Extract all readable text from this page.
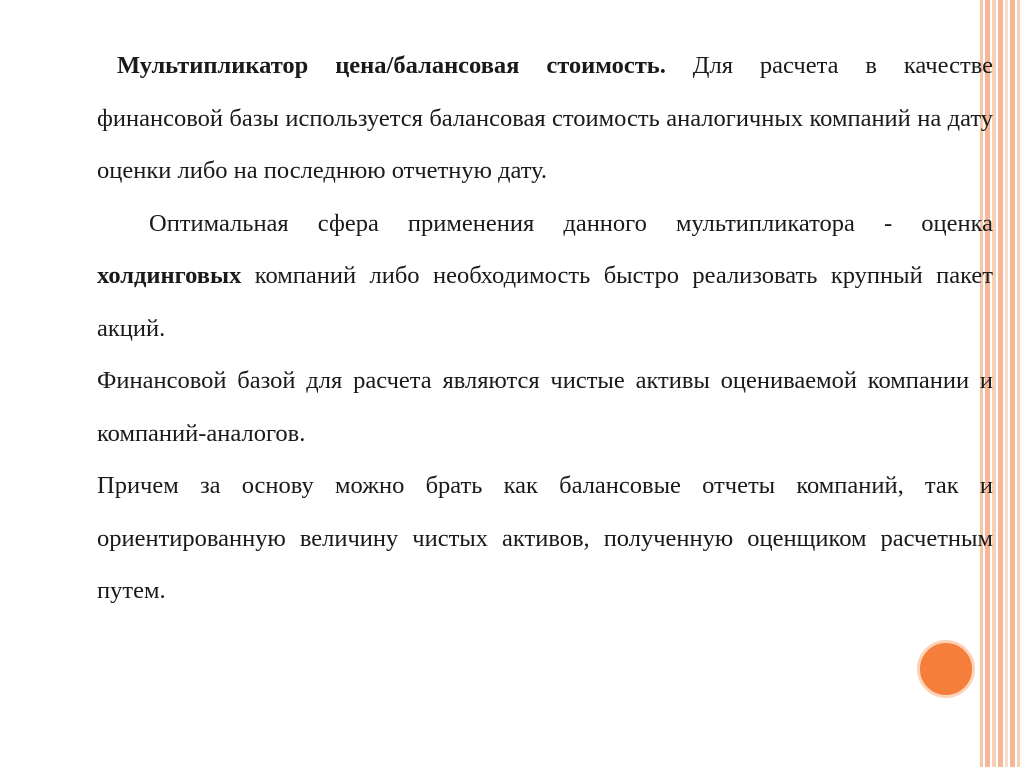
Мультипликатор цена/балансовая стоимость. Для расчета в качестве финансовой базы используется балансовая стоимость аналогичных компаний на дату оценки либо на последнюю отчетную дату.

Оптимальная сфера применения данного мультипликатора - оценка холдинговых компаний либо необходимость быстро реализовать крупный пакет акций.

Финансовой базой для расчета являются чистые активы оцениваемой компании и компаний-аналогов.

Причем за основу можно брать как балансовые отчеты компаний, так и ориентированную величину чистых активов, полученную оценщиком расчетным путем.
